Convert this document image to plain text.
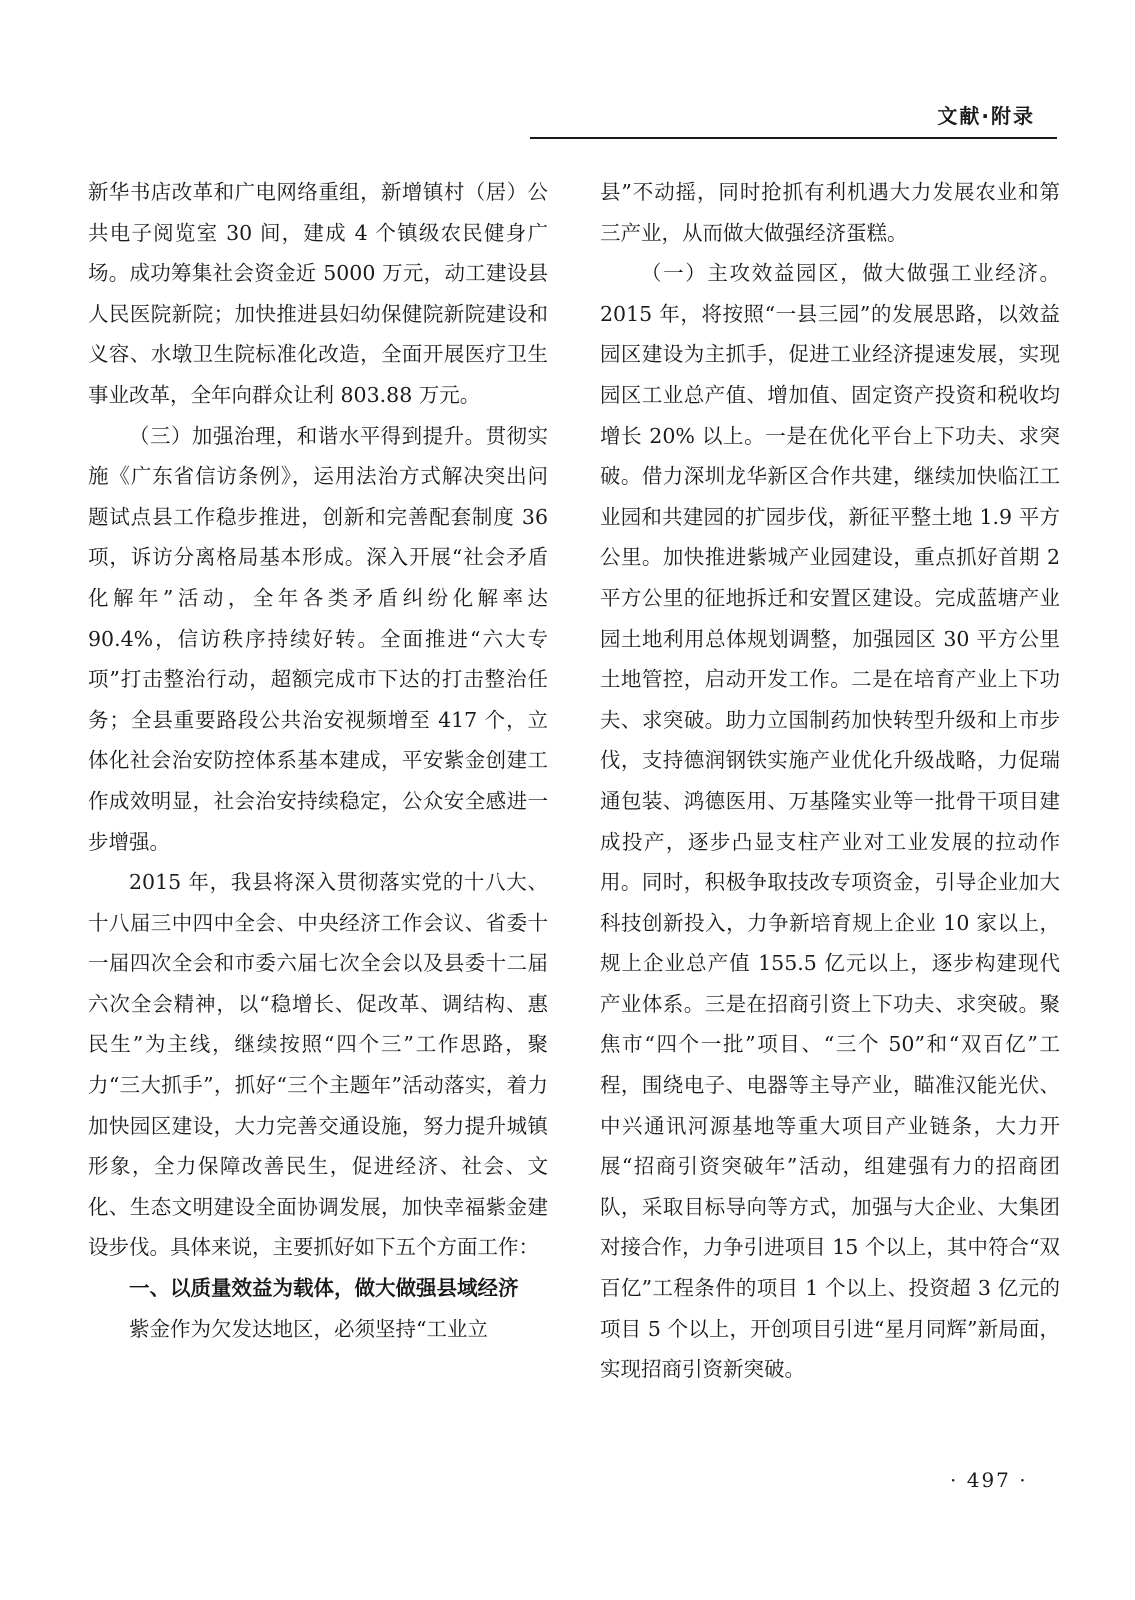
文献·附录

新华书店改革和广电网络重组，新增镇村（居）公共电子阅览室 30 间，建成 4 个镇级农民健身广场。成功筹集社会资金近 5000 万元，动工建设县人民医院新院；加快推进县妇幼保健院新院建设和义容、水墩卫生院标准化改造，全面开展医疗卫生事业改革，全年向群众让利 803.88 万元。

（三）加强治理，和谐水平得到提升。贯彻实施《广东省信访条例》，运用法治方式解决突出问题试点县工作稳步推进，创新和完善配套制度 36 项，诉访分离格局基本形成。深入开展“社会矛盾化解年”活动，全年各类矛盾纠纷化解率达 90.4%，信访秩序持续好转。全面推进“六大专项”打击整治行动，超额完成市下达的打击整治任务；全县重要路段公共治安视频增至 417 个，立体化社会治安防控体系基本建成，平安紫金创建工作成效明显，社会治安持续稳定，公众安全感进一步增强。

2015 年，我县将深入贯彻落实党的十八大、十八届三中四中全会、中央经济工作会议、省委十一届四次全会和市委六届七次全会以及县委十二届六次全会精神，以“稳增长、促改革、调结构、惠民生”为主线，继续按照“四个三”工作思路，聚力“三大抓手”，抓好“三个主题年”活动落实，着力加快园区建设，大力完善交通设施，努力提升城镇形象，全力保障改善民生，促进经济、社会、文化、生态文明建设全面协调发展，加快幸福紫金建设步伐。具体来说，主要抓好如下五个方面工作：

一、以质量效益为载体，做大做强县域经济

紫金作为欠发达地区，必须坚持“工业立

县”不动摇，同时抢抓有利机遇大力发展农业和第三产业，从而做大做强经济蛋糕。

（一）主攻效益园区，做大做强工业经济。2015 年，将按照“一县三园”的发展思路，以效益园区建设为主抓手，促进工业经济提速发展，实现园区工业总产值、增加值、固定资产投资和税收均增长 20% 以上。一是在优化平台上下功夫、求突破。借力深圳龙华新区合作共建，继续加快临江工业园和共建园的扩园步伐，新征平整土地 1.9 平方公里。加快推进紫城产业园建设，重点抓好首期 2 平方公里的征地拆迁和安置区建设。完成蓝塘产业园土地利用总体规划调整，加强园区 30 平方公里土地管控，启动开发工作。二是在培育产业上下功夫、求突破。助力立国制药加快转型升级和上市步伐，支持德润钢铁实施产业优化升级战略，力促瑞通包装、鸿德医用、万基隆实业等一批骨干项目建成投产，逐步凸显支柱产业对工业发展的拉动作用。同时，积极争取技改专项资金，引导企业加大科技创新投入，力争新培育规上企业 10 家以上，规上企业总产值 155.5 亿元以上，逐步构建现代产业体系。三是在招商引资上下功夫、求突破。聚焦市“四个一批”项目、“三个 50”和“双百亿”工程，围绕电子、电器等主导产业，瞄准汉能光伏、中兴通讯河源基地等重大项目产业链条，大力开展“招商引资突破年”活动，组建强有力的招商团队，采取目标导向等方式，加强与大企业、大集团对接合作，力争引进项目 15 个以上，其中符合“双百亿”工程条件的项目 1 个以上、投资超 3 亿元的项目 5 个以上，开创项目引进“星月同辉”新局面，实现招商引资新突破。

· 497 ·
